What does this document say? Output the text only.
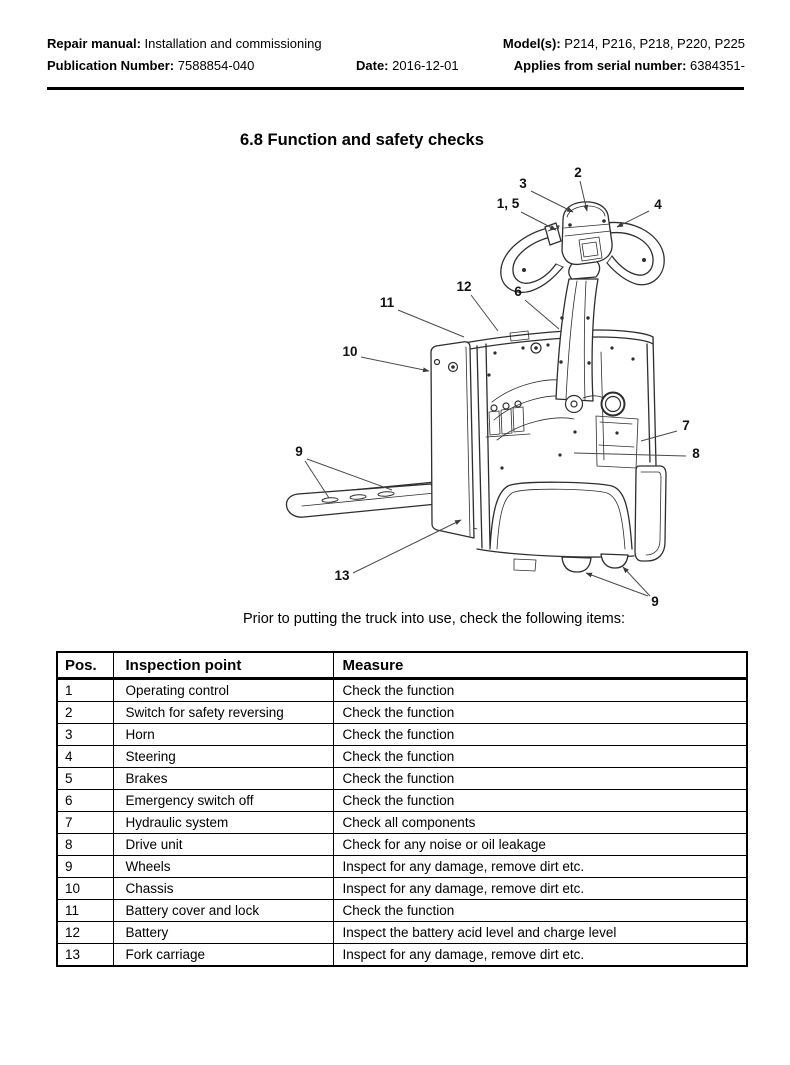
Repair manual: Installation and commissioning	Model(s): P214, P216, P218, P220, P225
Publication Number: 7588854-040	Date: 2016-12-01	Applies from serial number: 6384351-
6.8 Function and safety checks
2
3
1, 5	4
12	6
11
10
7
8
9
13
9
Prior to putting the truck into use, check the following items:
Pos.	Inspection point	Measure
1	Operating control	Check the function
2	Switch for safety reversing	Check the function
3	Horn	Check the function
4	Steering	Check the function
5	Brakes	Check the function
6	Emergency switch off	Check the function
7	Hydraulic system	Check all components
8	Drive unit	Check for any noise or oil leakage
9	Wheels	Inspect for any damage, remove dirt etc.
10	Chassis	Inspect for any damage, remove dirt etc.
11	Battery cover and lock	Check the function
12	Battery	Inspect the battery acid level and charge level
13	Fork carriage	Inspect for any damage, remove dirt etc.
